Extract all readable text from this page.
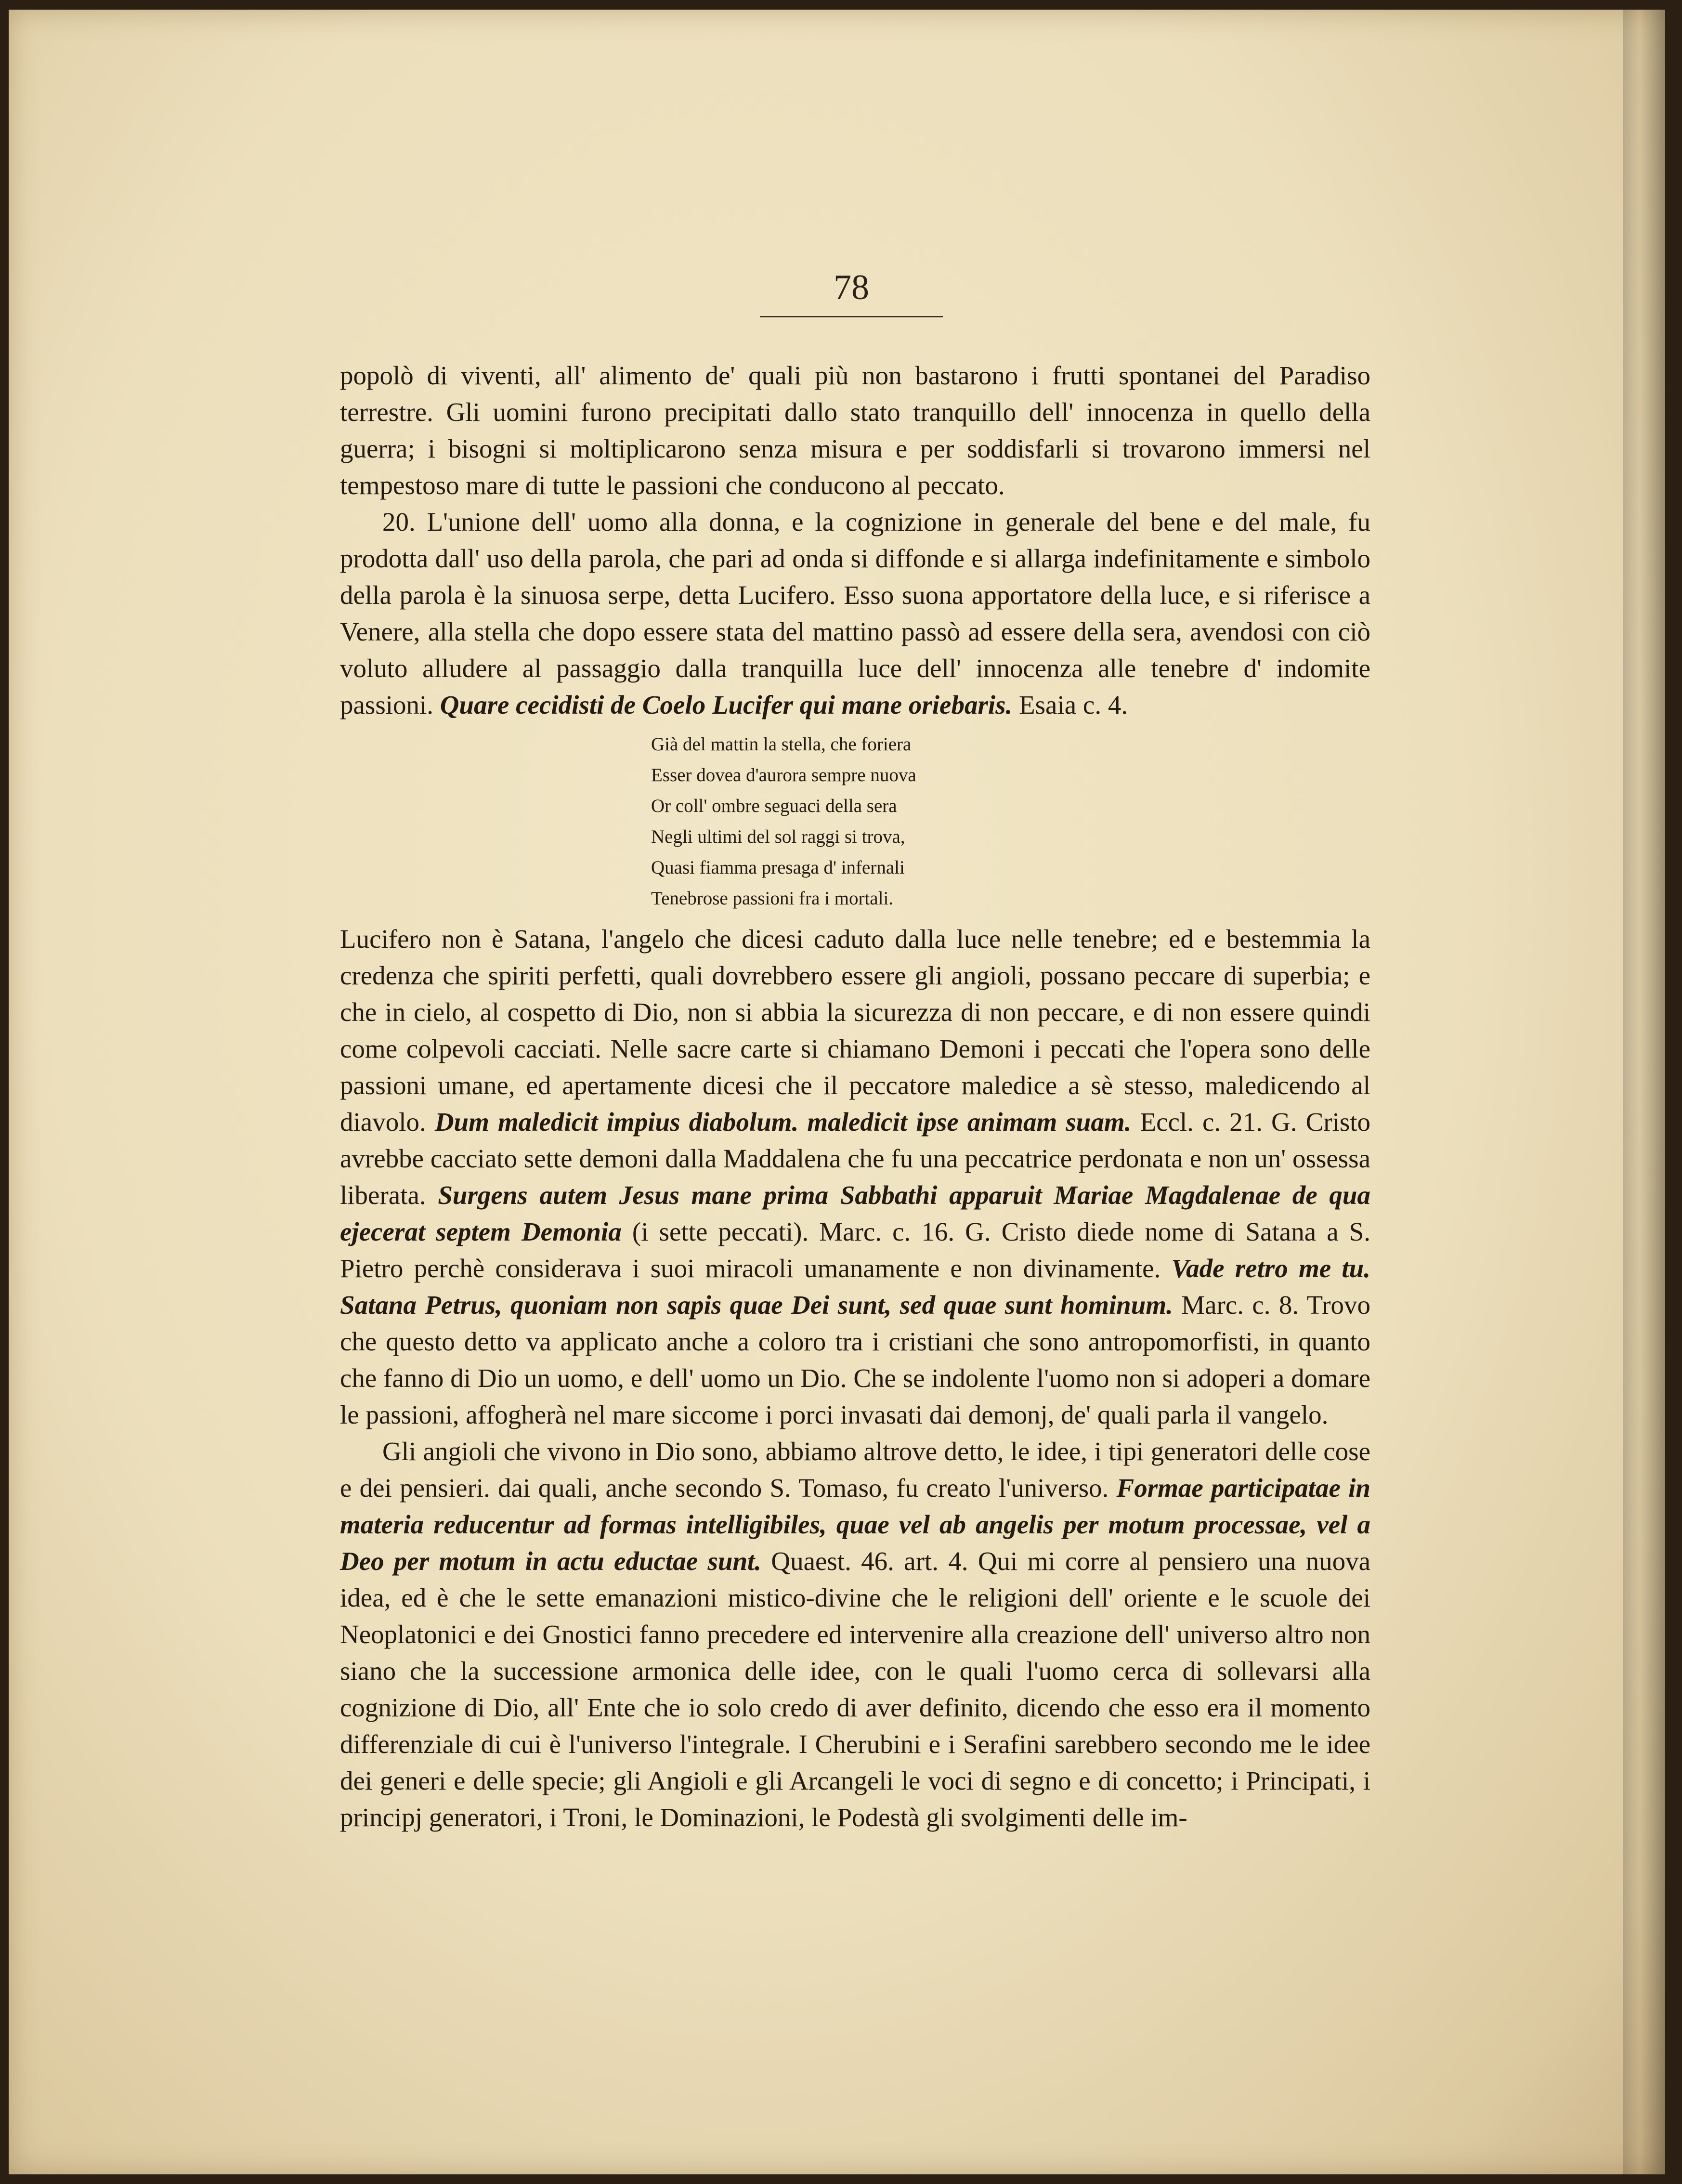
78

popolò di viventi, all' alimento de' quali più non bastarono i frutti spontanei del Paradiso terrestre. Gli uomini furono precipitati dallo stato tranquillo dell' innocenza in quello della guerra; i bisogni si moltiplicarono senza misura e per soddisfarli si trovarono immersi nel tempestoso mare di tutte le passioni che conducono al peccato.

20. L'unione dell' uomo alla donna, e la cognizione in generale del bene e del male, fu prodotta dall' uso della parola, che pari ad onda si diffonde e si allarga indefinitamente e simbolo della parola è la sinuosa serpe, detta Lucifero. Esso suona apportatore della luce, e si riferisce a Venere, alla stella che dopo essere stata del mattino passò ad essere della sera, avendosi con ciò voluto alludere al passaggio dalla tranquilla luce dell' innocenza alle tenebre d' indomite passioni. Quare cecidisti de Coelo Lucifer qui mane oriebaris. Esaia c. 4.

Già del mattin la stella, che foriera

Esser dovea d'aurora sempre nuova

Or coll' ombre seguaci della sera

Negli ultimi del sol raggi si trova,

Quasi fiamma presaga d' infernali

Tenebrose passioni fra i mortali.

Lucifero non è Satana, l'angelo che dicesi caduto dalla luce nelle tenebre; ed e bestemmia la credenza che spiriti perfetti, quali dovrebbero essere gli angioli, possano peccare di superbia; e che in cielo, al cospetto di Dio, non si abbia la sicurezza di non peccare, e di non essere quindi come colpevoli cacciati. Nelle sacre carte si chiamano Demoni i peccati che l'opera sono delle passioni umane, ed apertamente dicesi che il peccatore maledice a sè stesso, maledicendo al diavolo. Dum maledicit impius diabolum. maledicit ipse animam suam. Eccl. c. 21. G. Cristo avrebbe cacciato sette demoni dalla Maddalena che fu una peccatrice perdonata e non un' ossessa liberata. Surgens autem Jesus mane prima Sabbathi apparuit Mariae Magdalenae de qua ejecerat septem Demonia (i sette peccati). Marc. c. 16. G. Cristo diede nome di Satana a S. Pietro perchè considerava i suoi miracoli umanamente e non divinamente. Vade retro me tu. Satana Petrus, quoniam non sapis quae Dei sunt, sed quae sunt hominum. Marc. c. 8. Trovo che questo detto va applicato anche a coloro tra i cristiani che sono antropomorfisti, in quanto che fanno di Dio un uomo, e dell' uomo un Dio. Che se indolente l'uomo non si adoperi a domare le passioni, affogherà nel mare siccome i porci invasati dai demonj, de' quali parla il vangelo.

Gli angioli che vivono in Dio sono, abbiamo altrove detto, le idee, i tipi generatori delle cose e dei pensieri. dai quali, anche secondo S. Tomaso, fu creato l'universo. Formae participatae in materia reducentur ad formas intelligibiles, quae vel ab angelis per motum processae, vel a Deo per motum in actu eductae sunt. Quaest. 46. art. 4. Qui mi corre al pensiero una nuova idea, ed è che le sette emanazioni mistico-divine che le religioni dell' oriente e le scuole dei Neoplatonici e dei Gnostici fanno precedere ed intervenire alla creazione dell' universo altro non siano che la successione armonica delle idee, con le quali l'uomo cerca di sollevarsi alla cognizione di Dio, all' Ente che io solo credo di aver definito, dicendo che esso era il momento differenziale di cui è l'universo l'integrale. I Cherubini e i Serafini sarebbero secondo me le idee dei generi e delle specie; gli Angioli e gli Arcangeli le voci di segno e di concetto; i Principati, i principj generatori, i Troni, le Dominazioni, le Podestà gli svolgimenti delle im-
